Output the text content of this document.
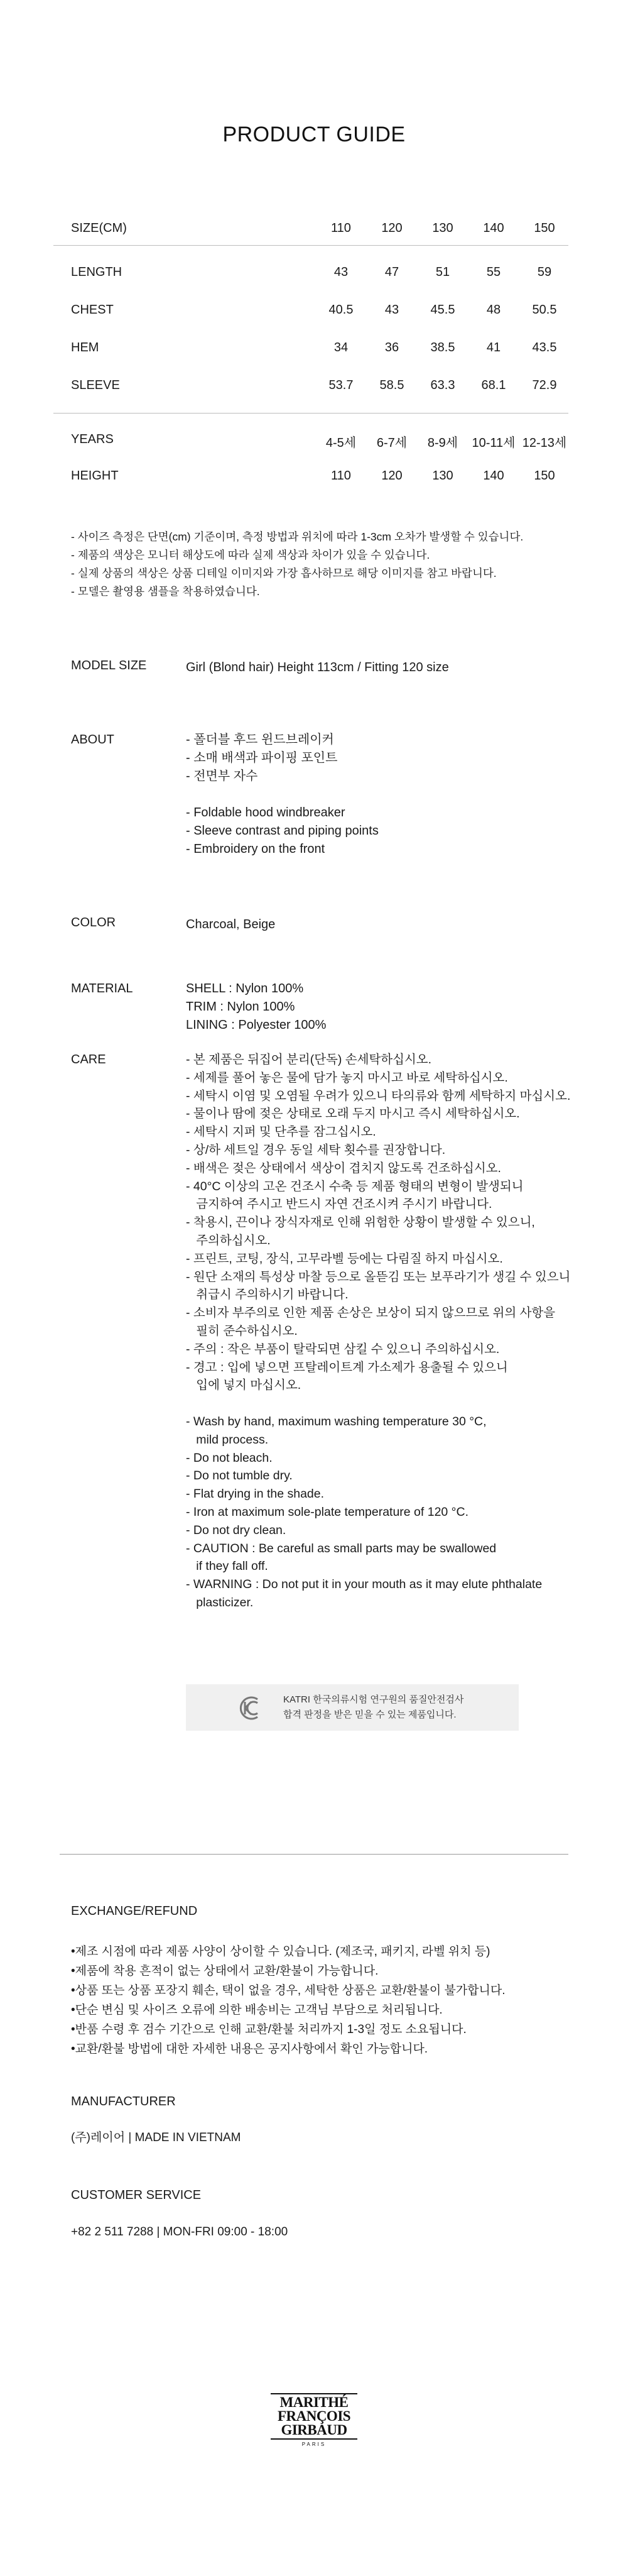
PRODUCT GUIDE
SIZE(CM)	110	120	130	140	150
LENGTH	43	47	51	55	59
CHEST	40.5	43	45.5	48	50.5
HEM	34	36	38.5	41	43.5
SLEEVE	53.7	58.5	63.3	68.1	72.9
YEARS	4-5세	6-7세	8-9세	10-11세 12-13세
HEIGHT	110	120	130	140	150
- 사이즈 측정은 단면(cm) 기준이며, 측정 방법과 위치에 따라 1-3cm 오차가 발생할 수 있습니다.
- 제품의 색상은 모니터 해상도에 따라 실제 색상과 차이가 있을 수 있습니다.
- 실제 상품의 색상은 상품 디테일 이미지와 가장 흡사하므로 해당 이미지를 참고 바랍니다.
- 모델은 촬영용 샘플을 착용하였습니다.
MODEL SIZE	Girl (Blond hair) Height 113cm / Fitting 120 size
ABOUT	- 폴더블 후드 윈드브레이커
- 소매 배색과 파이핑 포인트
- 전면부 자수
- Foldable hood windbreaker
- Sleeve contrast and piping points
- Embroidery on the front
COLOR	Charcoal, Beige
MATERIAL	SHELL : Nylon 100%
TRIM : Nylon 100%
LINING : Polyester 100%
CARE	- 본 제품은 뒤집어 분리(단독) 손세탁하십시오.
- 세제를 풀어 놓은 물에 담가 놓지 마시고 바로 세탁하십시오.
- 세탁시 이염 및 오염될 우려가 있으니 타의류와 함께 세탁하지 마십시오.
- 물이나 땀에 젖은 상태로 오래 두지 마시고 즉시 세탁하십시오.
- 세탁시 지퍼 및 단추를 잠그십시오.
- 상/하 세트일 경우 동일 세탁 횟수를 권장합니다.
- 배색은 젖은 상태에서 색상이 겹치지 않도록 건조하십시오.
- 40°C 이상의 고온 건조시 수축 등 제품 형태의 변형이 발생되니
금지하여 주시고 반드시 자연 건조시켜 주시기 바랍니다.
- 착용시, 끈이나 장식자재로 인해 위험한 상황이 발생할 수 있으니,
주의하십시오.
- 프린트, 코팅, 장식, 고무라벨 등에는 다림질 하지 마십시오.
- 원단 소재의 특성상 마찰 등으로 올뜯김 또는 보푸라기가 생길 수 있으니
취급시 주의하시기 바랍니다.
- 소비자 부주의로 인한 제품 손상은 보상이 되지 않으므로 위의 사항을
필히 준수하십시오.
- 주의 : 작은 부품이 탈락되면 삼킬 수 있으니 주의하십시오.
- 경고 : 입에 넣으면 프탈레이트계 가소제가 용출될 수 있으니
입에 넣지 마십시오.
- Wash by hand, maximum washing temperature 30 °C,
mild process.
- Do not bleach.
- Do not tumble dry.
- Flat drying in the shade.
- Iron at maximum sole-plate temperature of 120 °C.
- Do not dry clean.
- CAUTION : Be careful as small parts may be swallowed
if they fall off.
- WARNING : Do not put it in your mouth as it may elute phthalate
plasticizer.
KATRI 한국의류시험 연구원의 품질안전검사
합격 판정을 받은 믿을 수 있는 제품입니다.
EXCHANGE/REFUND
•제조 시점에 따라 제품 사양이 상이할 수 있습니다. (제조국, 패키지, 라벨 위치 등)
•제품에 착용 흔적이 없는 상태에서 교환/환불이 가능합니다.
•상품 또는 상품 포장지 훼손, 택이 없을 경우, 세탁한 상품은 교환/환불이 불가합니다.
•단순 변심 및 사이즈 오류에 의한 배송비는 고객님 부담으로 처리됩니다.
•반품 수령 후 검수 기간으로 인해 교환/환불 처리까지 1-3일 정도 소요됩니다.
•교환/환불 방법에 대한 자세한 내용은 공지사항에서 확인 가능합니다.
MANUFACTURER
(주)레이어 | MADE IN VIETNAM
CUSTOMER SERVICE
+82 2 511 7288 | MON-FRI 09:00 - 18:00
MARITHÉ
FRANÇOIS
GIRBAUD
PARIS
